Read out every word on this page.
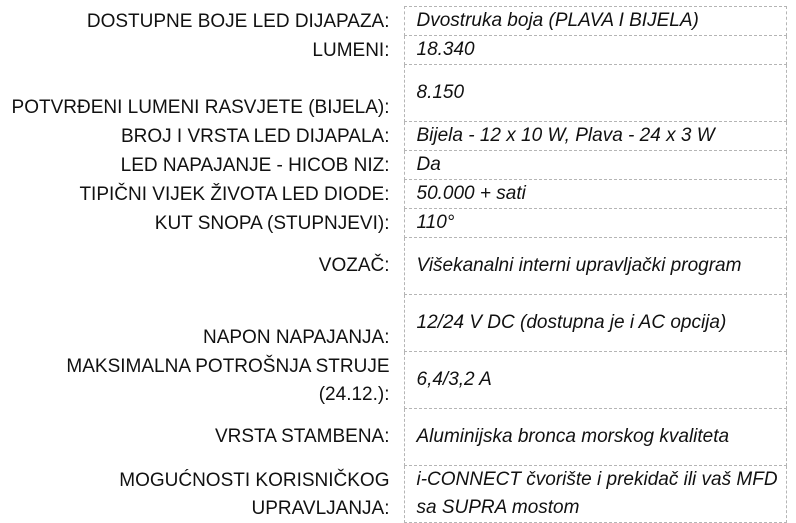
DOSTUPNE BOJE LED DIJAPAZA:	Dvostruka boja (PLAVA I BIJELA)
LUMENI:	18.340

POTVRĐENI LUMENI RASVJETE (BIJELA):	8.150
BROJ I VRSTA LED DIJAPALA:	Bijela - 12 x 10 W, Plava - 24 x 3 W
LED NAPAJANJE - HICOB NIZ:	Da
TIPIČNI VIJEK ŽIVOTA LED DIODE:	50.000 + sati
KUT SNOPA (STUPNJEVI):	110°
VOZAČ:	Višekanalni interni upravljački program
NAPON NAPAJANJA:	12/24 V DC (dostupna je i AC opcija)
MAKSIMALNA POTROŠNJA STRUJE (24.12.):	6,4/3,2 A
VRSTA STAMBENA:	Aluminijska bronca morskog kvaliteta
MOGUĆNOSTI KORISNIČKOG UPRAVLJANJA:	i-CONNECT čvorište i prekidač ili vaš MFD sa SUPRA mostom
